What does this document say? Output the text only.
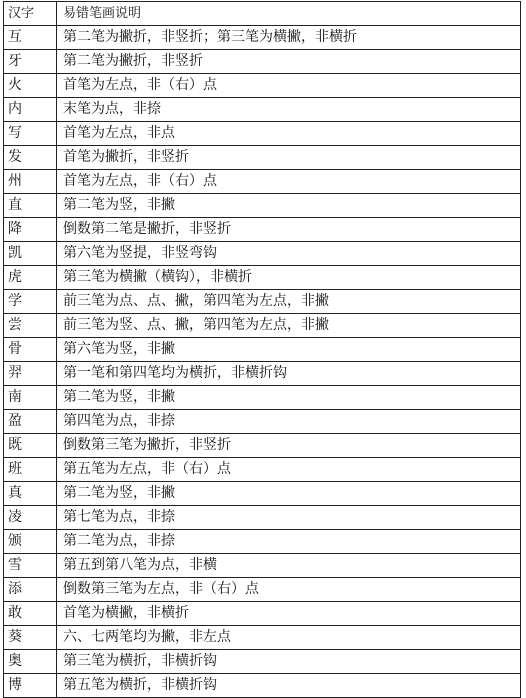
汉字	易错笔画说明
互	第二笔为撇折，非竖折；第三笔为横撇，非横折
牙	第二笔为撇折，非竖折
火	首笔为左点，非（右）点
内	末笔为点，非捺
写	首笔为左点，非点
发	首笔为撇折，非竖折
州	首笔为左点，非（右）点
直	第二笔为竖，非撇
降	倒数第二笔是撇折，非竖折
凯	第六笔为竖提，非竖弯钩
虎	第三笔为横撇（横钩），非横折
学	前三笔为点、点、撇，第四笔为左点，非撇
尝	前三笔为竖、点、撇，第四笔为左点，非撇
骨	第六笔为竖，非撇
羿	第一笔和第四笔均为横折，非横折钩
南	第二笔为竖，非撇
盈	第四笔为点，非捺
既	倒数第三笔为撇折，非竖折
班	第五笔为左点，非（右）点
真	第二笔为竖，非撇
凌	第七笔为点，非捺
颁	第二笔为点，非捺
雪	第五到第八笔为点，非横
添	倒数第三笔为左点，非（右）点
敢	首笔为横撇，非横折
葵	六、七两笔均为撇，非左点
奥	第三笔为横折，非横折钩
博	第五笔为横折，非横折钩
